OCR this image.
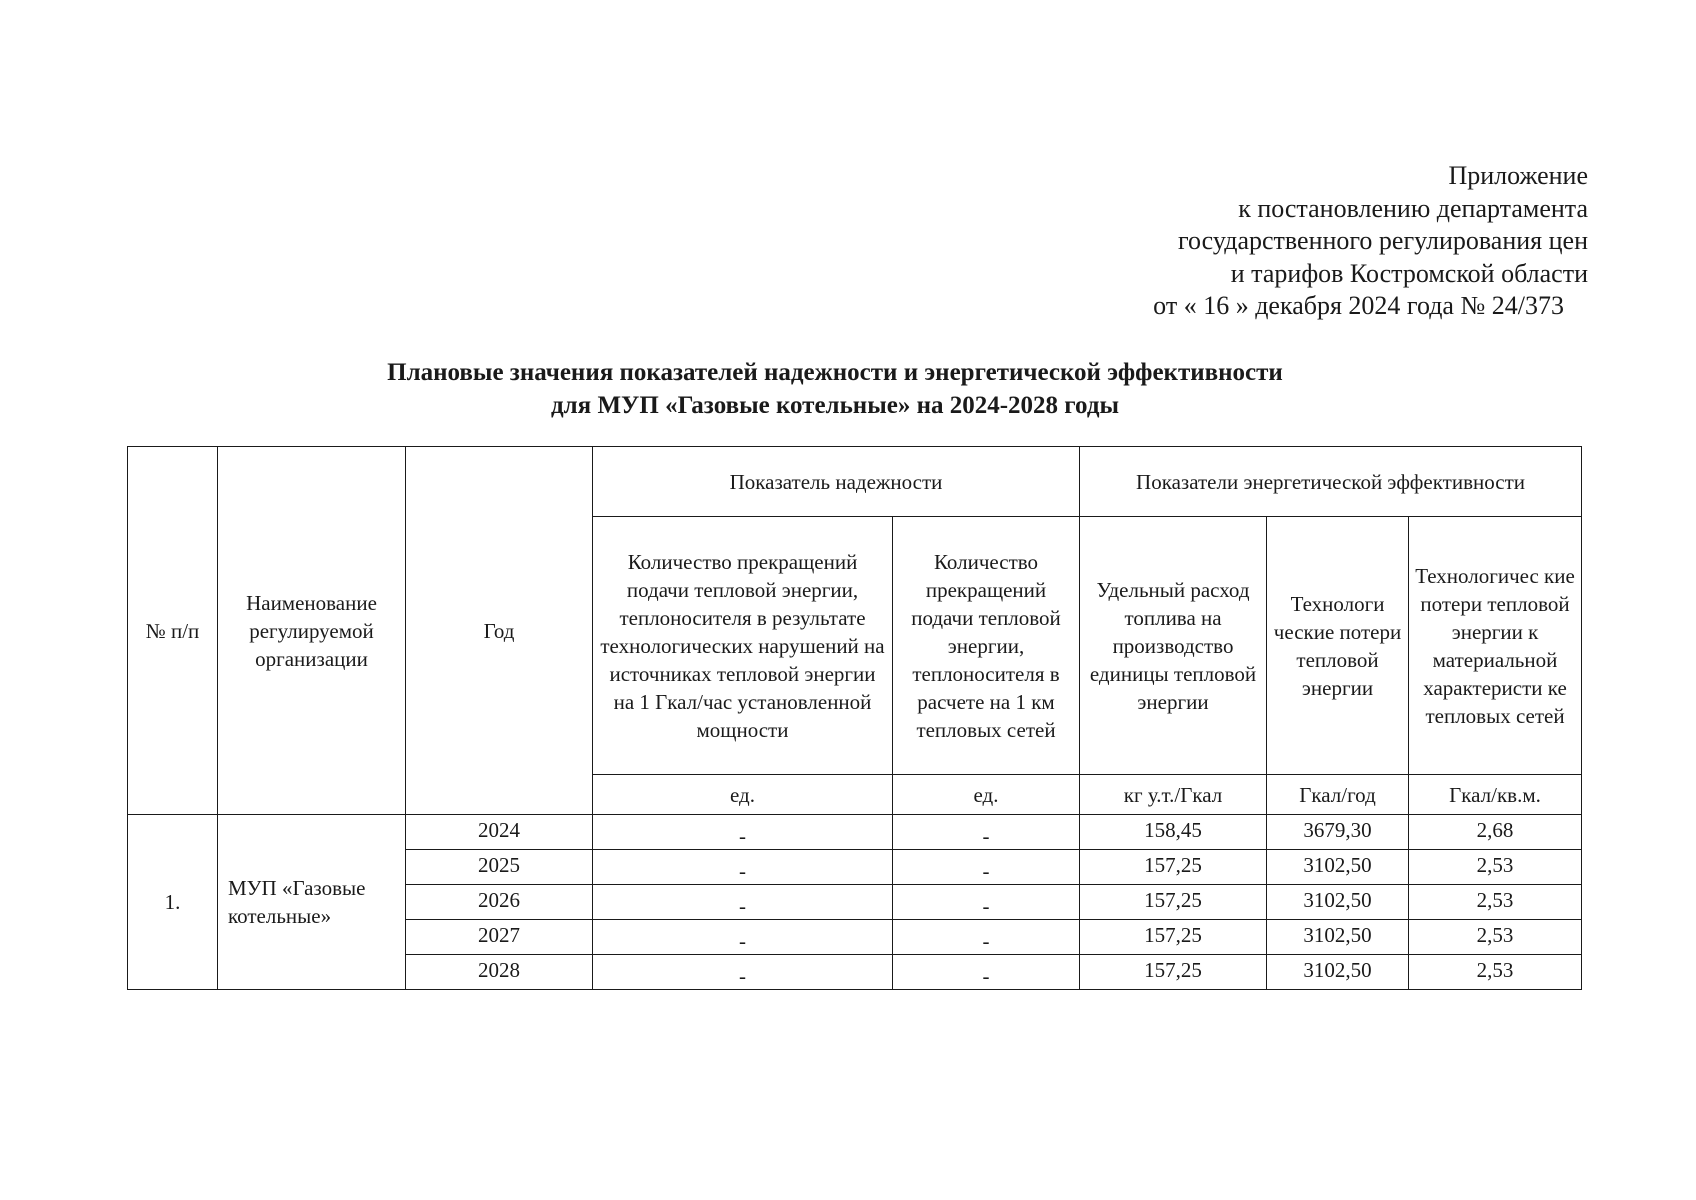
Приложение
к постановлению департамента
государственного регулирования цен
и тарифов Костромской области
от « 16 » декабря 2024 года № 24/373
Плановые значения показателей надежности и энергетической эффективности
для МУП «Газовые котельные» на 2024-2028 годы
№ п/п	Наименование регулируемой организации	Год	Показатель надежности		Показатели энергетической эффективности		
			Количество прекращений подачи тепловой энергии, теплоносителя в результате технологических нарушений на источниках тепловой энергии на 1 Гкал/час установленной мощности	Количество прекращений подачи тепловой энергии, теплоносителя в расчете на 1 км тепловых сетей	Удельный расход топлива на производство единицы тепловой энергии	Технологи ческие потери тепловой энергии	Технологичес кие потери тепловой энергии к материальной характеристи ке тепловых сетей
			ед.	ед.	кг у.т./Гкал	Гкал/год	Гкал/кв.м.
1.	МУП «Газовые котельные»	2024	-	-	158,45	3679,30	2,68
		2025	-	-	157,25	3102,50	2,53
		2026	-	-	157,25	3102,50	2,53
		2027	-	-	157,25	3102,50	2,53
		2028	-	-	157,25	3102,50	2,53
